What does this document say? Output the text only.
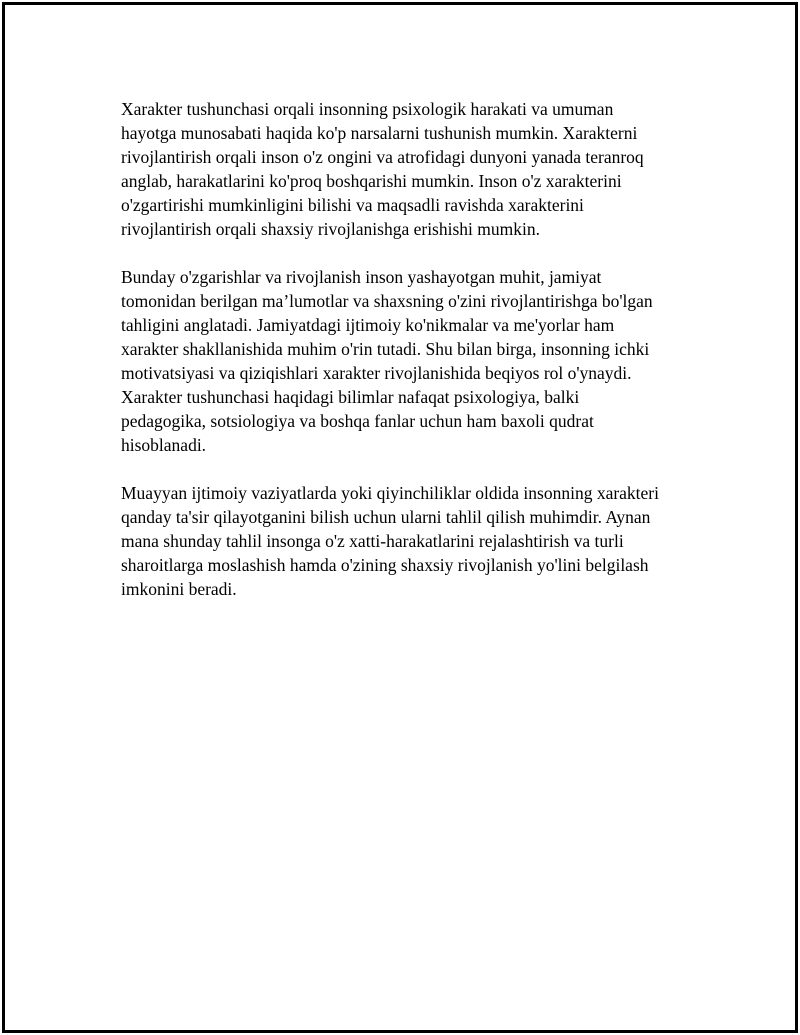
Xarakter tushunchasi orqali insonning psixologik harakati va umuman
hayotga munosabati haqida ko'p narsalarni tushunish mumkin. Xarakterni
rivojlantirish orqali inson o'z ongini va atrofidagi dunyoni yanada teranroq
anglab, harakatlarini ko'proq boshqarishi mumkin. Inson o'z xarakterini
o'zgartirishi mumkinligini bilishi va maqsadli ravishda xarakterini
rivojlantirish orqali shaxsiy rivojlanishga erishishi mumkin.

Bunday o'zgarishlar va rivojlanish inson yashayotgan muhit, jamiyat
tomonidan berilgan ma’lumotlar va shaxsning o'zini rivojlantirishga bo'lgan
tahligini anglatadi. Jamiyatdagi ijtimoiy ko'nikmalar va me'yorlar ham
xarakter shakllanishida muhim o'rin tutadi. Shu bilan birga, insonning ichki
motivatsiyasi va qiziqishlari xarakter rivojlanishida beqiyos rol o'ynaydi.
Xarakter tushunchasi haqidagi bilimlar nafaqat psixologiya, balki
pedagogika, sotsiologiya va boshqa fanlar uchun ham baxoli qudrat
hisoblanadi.

Muayyan ijtimoiy vaziyatlarda yoki qiyinchiliklar oldida insonning xarakteri
qanday ta'sir qilayotganini bilish uchun ularni tahlil qilish muhimdir. Aynan
mana shunday tahlil insonga o'z xatti-harakatlarini rejalashtirish va turli
sharoitlarga moslashish hamda o'zining shaxsiy rivojlanish yo'lini belgilash
imkonini beradi.
